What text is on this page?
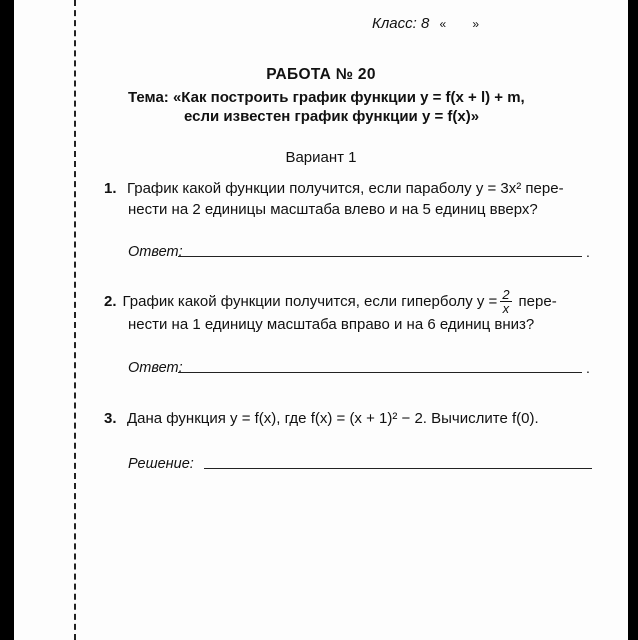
Класс: 8 « »
РАБОТА № 20
Тема: «Как построить график функции y = f(x + l) + m,
если известен график функции y = f(x)»
Вариант 1
1. График какой функции получится, если параболу y = 3x² пере-
нести на 2 единицы масштаба влево и на 5 единиц вверх?
Ответ:	.
2. График какой функции получится, если гиперболу $y = \frac{2}{x}$ пере-
нести на 1 единицу масштаба вправо и на 6 единиц вниз?
Ответ:	.
3. Дана функция y = f(x), где f(x) = (x + 1)² − 2. Вычислите f(0).
Решение:
